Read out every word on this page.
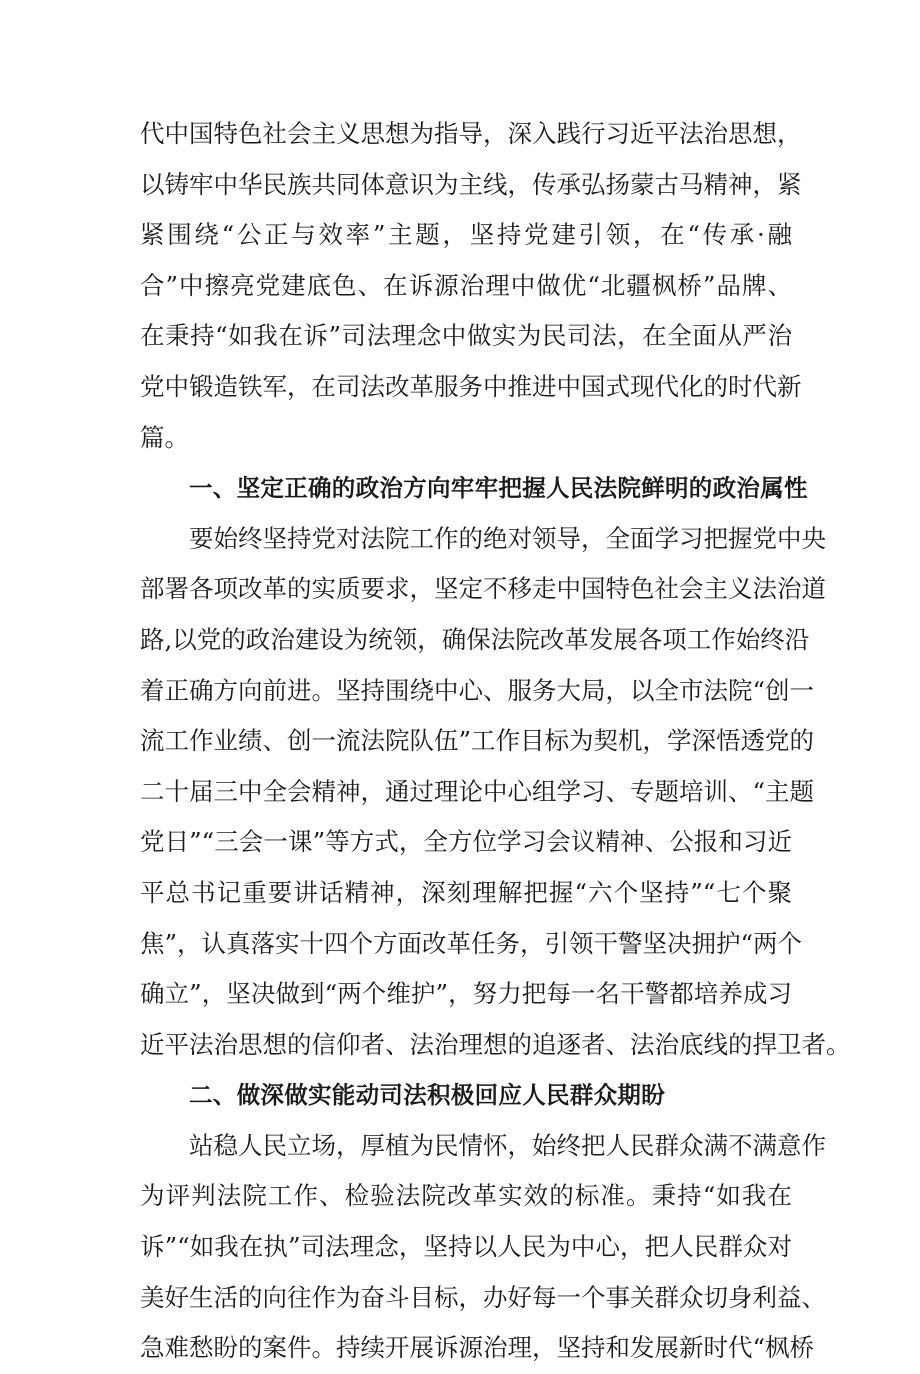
代中国特色社会主义思想为指导，深入践行习近平法治思想，
以铸牢中华民族共同体意识为主线，传承弘扬蒙古马精神，紧
紧围绕“公正与效率”主题，坚持党建引领，在“传承·融
合”中擦亮党建底色、在诉源治理中做优“北疆枫桥”品牌、
在秉持“如我在诉”司法理念中做实为民司法，在全面从严治
党中锻造铁军，在司法改革服务中推进中国式现代化的时代新
篇。
一、坚定正确的政治方向牢牢把握人民法院鲜明的政治属性
要始终坚持党对法院工作的绝对领导，全面学习把握党中央
部署各项改革的实质要求，坚定不移走中国特色社会主义法治道
路,以党的政治建设为统领，确保法院改革发展各项工作始终沿
着正确方向前进。坚持围绕中心、服务大局，以全市法院“创一
流工作业绩、创一流法院队伍”工作目标为契机，学深悟透党的
二十届三中全会精神，通过理论中心组学习、专题培训、“主题
党日”“三会一课”等方式，全方位学习会议精神、公报和习近
平总书记重要讲话精神，深刻理解把握“六个坚持”“七个聚
焦”，认真落实十四个方面改革任务，引领干警坚决拥护“两个
确立”，坚决做到“两个维护”，努力把每一名干警都培养成习
近平法治思想的信仰者、法治理想的追逐者、法治底线的捍卫者。
二、做深做实能动司法积极回应人民群众期盼
站稳人民立场，厚植为民情怀，始终把人民群众满不满意作
为评判法院工作、检验法院改革实效的标准。秉持“如我在
诉”“如我在执”司法理念，坚持以人民为中心，把人民群众对
美好生活的向往作为奋斗目标，办好每一个事关群众切身利益、
急难愁盼的案件。持续开展诉源治理，坚持和发展新时代“枫桥
